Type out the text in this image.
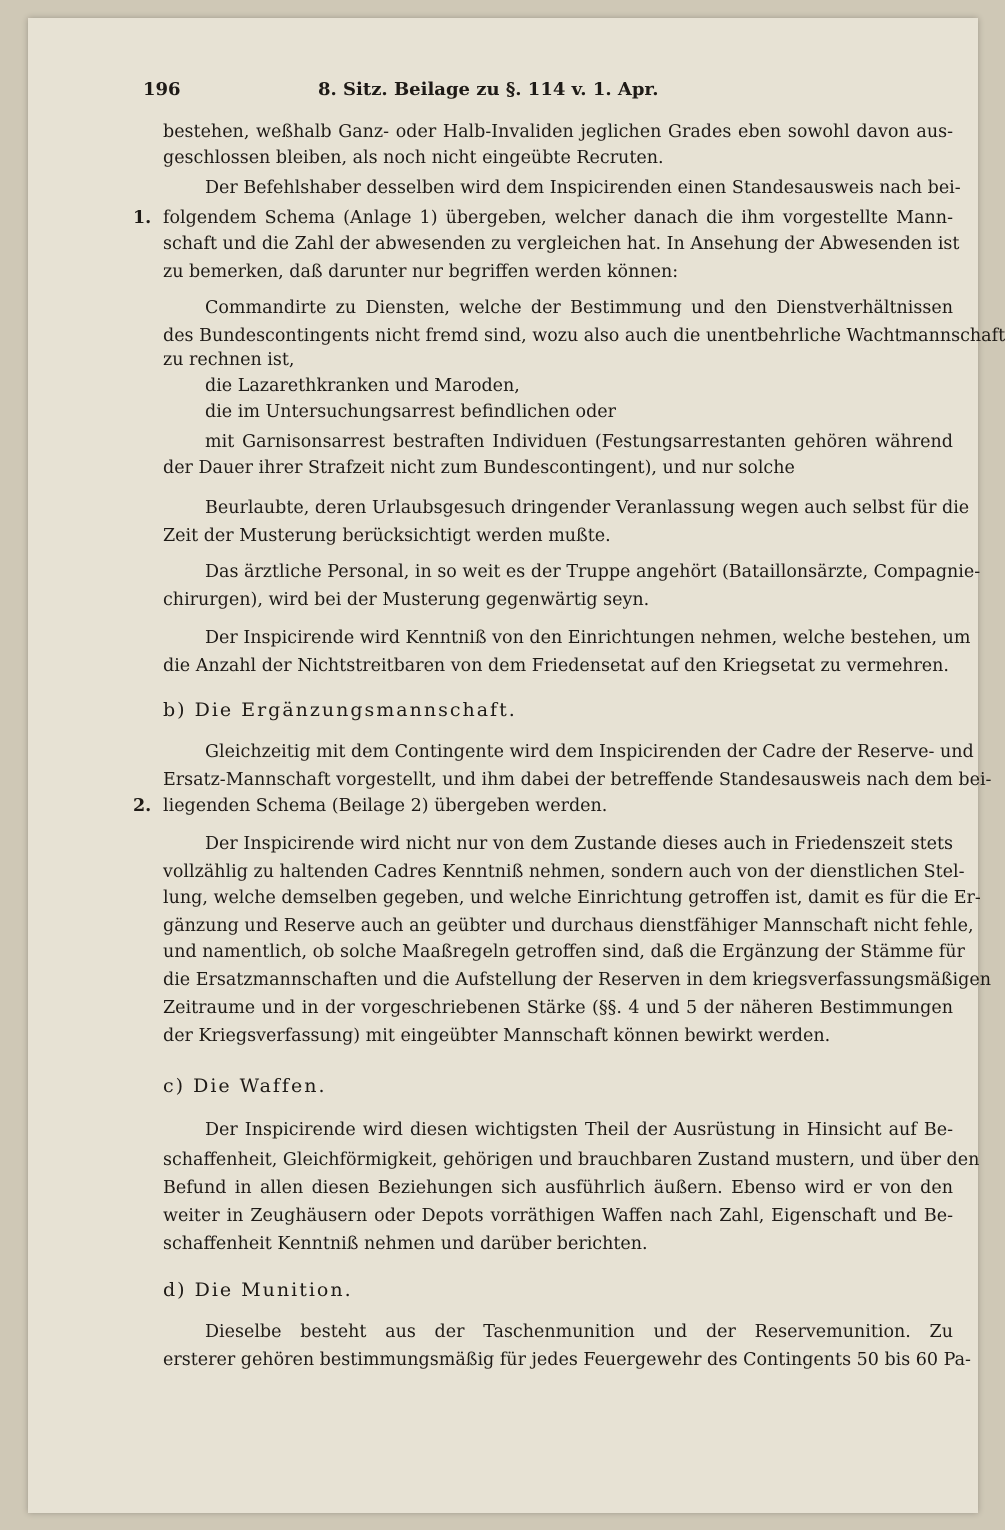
196	8. Sitz. Beilage zu §. 114 v. 1. Apr.
bestehen, weßhalb Ganz- oder Halb-Invaliden jeglichen Grades eben sowohl davon aus-
geschlossen bleiben, als noch nicht eingeübte Recruten.
Der Befehlshaber desselben wird dem Inspicirenden einen Standesausweis nach bei-
1. folgendem Schema (Anlage 1) übergeben, welcher danach die ihm vorgestellte Mann-
schaft und die Zahl der abwesenden zu vergleichen hat. In Ansehung der Abwesenden ist
zu bemerken, daß darunter nur begriffen werden können:
Commandirte zu Diensten, welche der Bestimmung und den Dienstverhältnissen
des Bundescontingents nicht fremd sind, wozu also auch die unentbehrliche Wachtmannschaft
zu rechnen ist,
die Lazarethkranken und Maroden,
die im Untersuchungsarrest befindlichen oder
mit Garnisonsarrest bestraften Individuen (Festungsarrestanten gehören während
der Dauer ihrer Strafzeit nicht zum Bundescontingent), und nur solche
Beurlaubte, deren Urlaubsgesuch dringender Veranlassung wegen auch selbst für die
Zeit der Musterung berücksichtigt werden mußte.
Das ärztliche Personal, in so weit es der Truppe angehört (Bataillonsärzte, Compagnie-
chirurgen), wird bei der Musterung gegenwärtig seyn.
Der Inspicirende wird Kenntniß von den Einrichtungen nehmen, welche bestehen, um
die Anzahl der Nichtstreitbaren von dem Friedensetat auf den Kriegsetat zu vermehren.
b) Die Ergänzungsmannschaft.
Gleichzeitig mit dem Contingente wird dem Inspicirenden der Cadre der Reserve- und
Ersatz-Mannschaft vorgestellt, und ihm dabei der betreffende Standesausweis nach dem bei-
2. liegenden Schema (Beilage 2) übergeben werden.
Der Inspicirende wird nicht nur von dem Zustande dieses auch in Friedenszeit stets
vollzählig zu haltenden Cadres Kenntniß nehmen, sondern auch von der dienstlichen Stel-
lung, welche demselben gegeben, und welche Einrichtung getroffen ist, damit es für die Er-
gänzung und Reserve auch an geübter und durchaus dienstfähiger Mannschaft nicht fehle,
und namentlich, ob solche Maaßregeln getroffen sind, daß die Ergänzung der Stämme für
die Ersatzmannschaften und die Aufstellung der Reserven in dem kriegsverfassungsmäßigen
Zeitraume und in der vorgeschriebenen Stärke (§§. 4 und 5 der näheren Bestimmungen
der Kriegsverfassung) mit eingeübter Mannschaft können bewirkt werden.
c) Die Waffen.
Der Inspicirende wird diesen wichtigsten Theil der Ausrüstung in Hinsicht auf Be-
schaffenheit, Gleichförmigkeit, gehörigen und brauchbaren Zustand mustern, und über den
Befund in allen diesen Beziehungen sich ausführlich äußern. Ebenso wird er von den
weiter in Zeughäusern oder Depots vorräthigen Waffen nach Zahl, Eigenschaft und Be-
schaffenheit Kenntniß nehmen und darüber berichten.
d) Die Munition.
Dieselbe besteht aus der Taschenmunition und der Reservemunition. Zu
ersterer gehören bestimmungsmäßig für jedes Feuergewehr des Contingents 50 bis 60 Pa-
